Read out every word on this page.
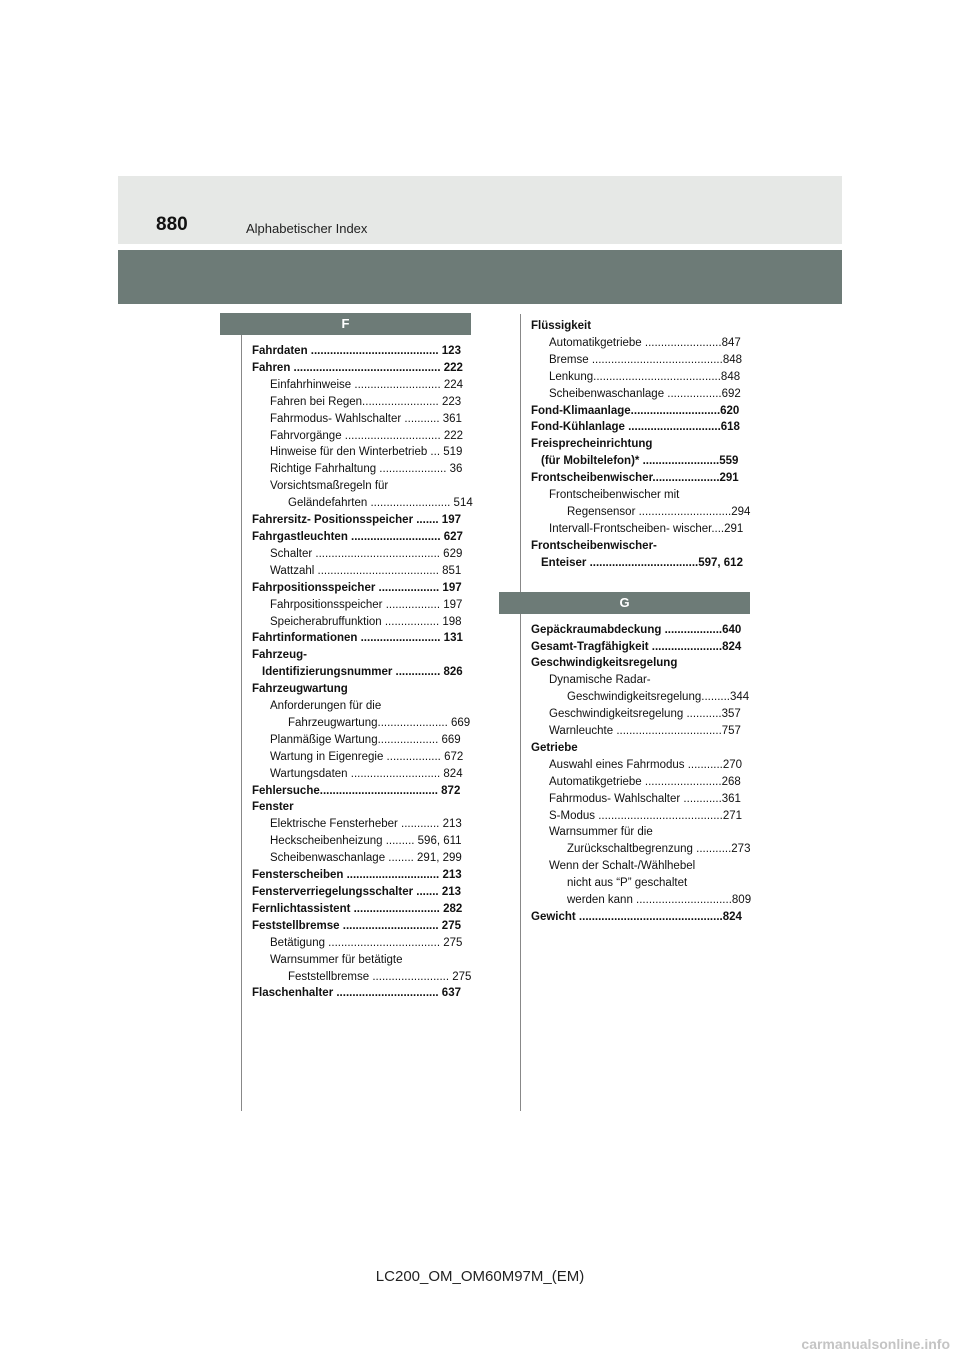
880	Alphabetischer Index
F
Fahrdaten ........................................ 123
Fahren .............................................. 222
Einfahrhinweise ........................... 224
Fahren bei Regen........................ 223
Fahrmodus- Wahlschalter ........... 361
Fahrvorgänge .............................. 222
Hinweise für den Winterbetrieb ... 519
Richtige Fahrhaltung ..................... 36
Vorsichtsmaßregeln für
Geländefahrten ......................... 514
Fahrersitz- Positionsspeicher ....... 197
Fahrgastleuchten ............................ 627
Schalter ....................................... 629
Wattzahl ...................................... 851
Fahrpositionsspeicher ................... 197
Fahrpositionsspeicher ................. 197
Speicherabruffunktion ................. 198
Fahrtinformationen ......................... 131
Fahrzeug-
Identifizierungsnummer .............. 826
Fahrzeugwartung
Anforderungen für die
Fahrzeugwartung...................... 669
Planmäßige Wartung................... 669
Wartung in Eigenregie ................. 672
Wartungsdaten ............................ 824
Fehlersuche..................................... 872
Fenster
Elektrische Fensterheber ............ 213
Heckscheibenheizung ......... 596, 611
Scheibenwaschanlage ........ 291, 299
Fensterscheiben ............................. 213
Fensterverriegelungsschalter ....... 213
Fernlichtassistent ........................... 282
Feststellbremse .............................. 275
Betätigung ................................... 275
Warnsummer für betätigte
Feststellbremse ........................ 275
Flaschenhalter ................................ 637
Flüssigkeit
Automatikgetriebe ........................847
Bremse .........................................848
Lenkung........................................848
Scheibenwaschanlage .................692
Fond-Klimaanlage............................620
Fond-Kühlanlage .............................618
Freisprecheinrichtung
(für Mobiltelefon)* ........................559
Frontscheibenwischer.....................291
Frontscheibenwischer mit
Regensensor .............................294
Intervall-Frontscheiben- wischer....291
Frontscheibenwischer-
Enteiser ..................................597, 612
G
Gepäckraumabdeckung ..................640
Gesamt-Tragfähigkeit ......................824
Geschwindigkeitsregelung
Dynamische Radar-
Geschwindigkeitsregelung.........344
Geschwindigkeitsregelung ...........357
Warnleuchte .................................757
Getriebe
Auswahl eines Fahrmodus ...........270
Automatikgetriebe ........................268
Fahrmodus- Wahlschalter ............361
S-Modus .......................................271
Warnsummer für die
Zurückschaltbegrenzung ...........273
Wenn der Schalt-/Wählhebel
nicht aus “P” geschaltet
werden kann ..............................809
Gewicht .............................................824
LC200_OM_OM60M97M_(EM)
carmanualsonline.info
